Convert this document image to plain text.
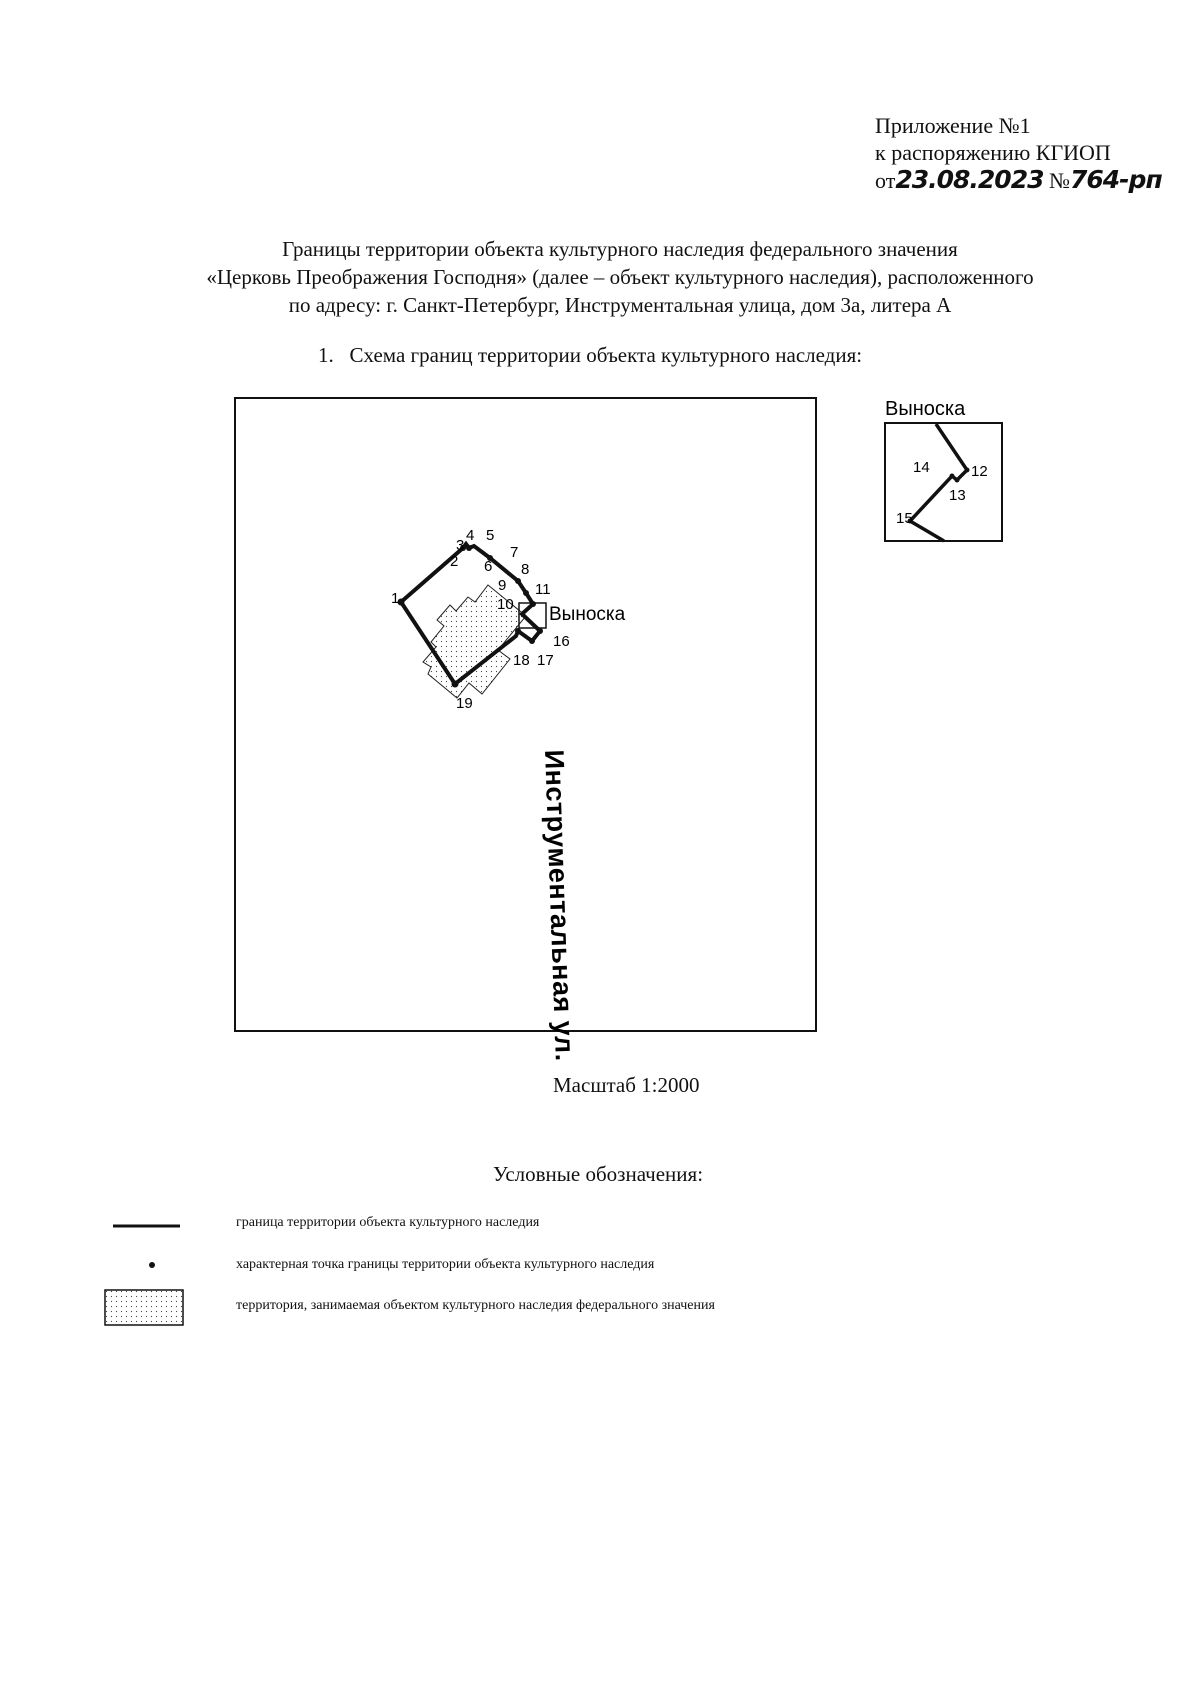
Приложение №1
к распоряжению КГИОП
от23.08.2023 №764-рп
Границы территории объекта культурного наследия федерального значения
«Церковь Преображения Господня» (далее – объект культурного наследия), расположенного
по адресу: г. Санкт-Петербург, Инструментальная улица, дом 3а, литера А
1. Схема границ территории объекта культурного наследия:
Выноска
1
2
3
4 5
6
7
8
9
10
11
16
18 17
19
Инструментальная ул.
Выноска
12
13
14
15
Масштаб 1:2000
Условные обозначения:
граница территории объекта культурного наследия
характерная точка границы территории объекта культурного наследия
территория, занимаемая объектом культурного наследия федерального значения
